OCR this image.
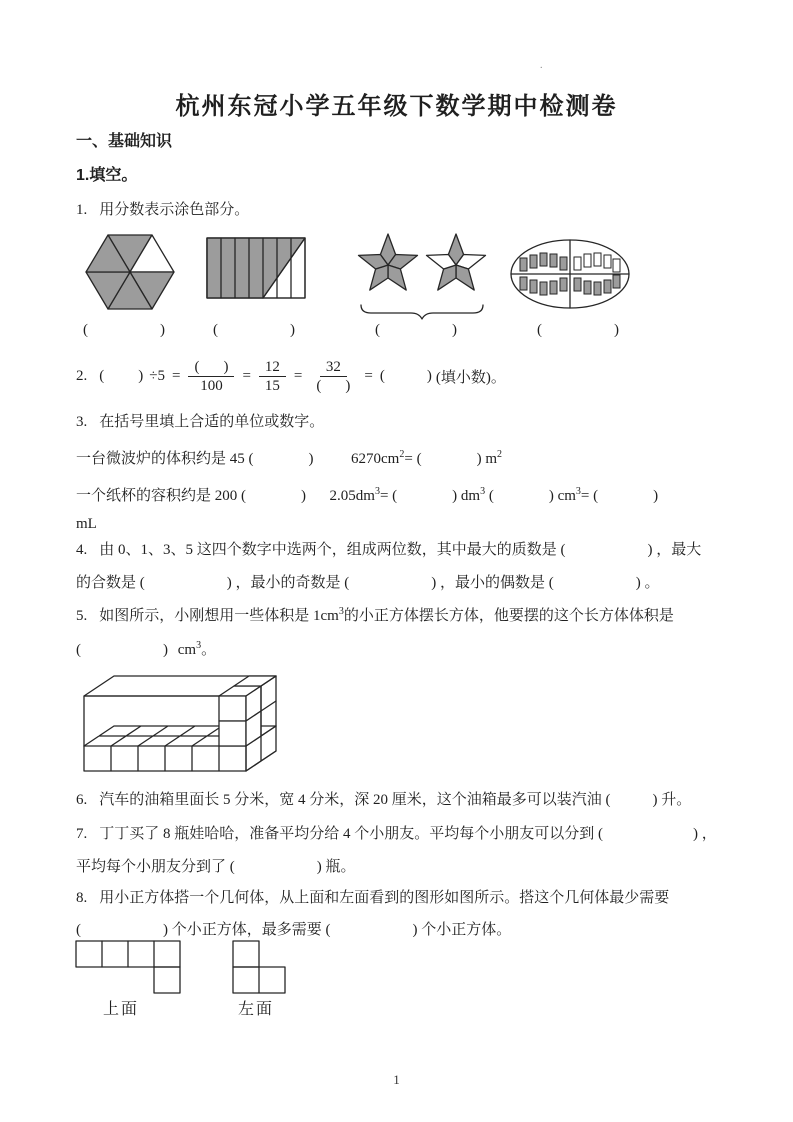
.
杭州东冠小学五年级下数学期中检测卷
一、基础知识
1.填空。
1. 用分数表示涂色部分。
(	)	(	)	(	)	(	)
2. ( ) $\div 5 = \frac{( )}{100} = \frac{12}{15} = \frac{32}{( )}$ = (	) (填小数)。
3. 在括号里填上合适的单位或数字。
一台微波炉的体积约是 45 (	)	$6270cm^2=$ (	) $m^2$
一个纸杯的容积约是 200 (	) $2.05dm^3=$ (	) $dm^3$ (	) $cm^3=$ (	)
mL
4. 由 0、1、3、5 这四个数字中选两个，组成两位数，其中最大的质数是 (	) ，最大
的合数是 (	) ，最小的奇数是 (	) ，最小的偶数是 (	) 。
5. 如图所示，小刚想用一些体积是 $1cm^3$的小正方体摆长方体，他要摆的这个长方体体积是
(	) $cm^3$。
6. 汽车的油箱里面长 5 分米，宽 4 分米，深 20 厘米，这个油箱最多可以装汽油 (	) 升。
7. 丁丁买了 8 瓶娃哈哈，准备平均分给 4 个小朋友。平均每个小朋友可以分到 (	) ，
平均每个小朋友分到了 (	) 瓶。
8. 用小正方体搭一个几何体，从上面和左面看到的图形如图所示。搭这个几何体最少需要
(	) 个小正方体，最多需要 (	) 个小正方体。
上面	左面
1
